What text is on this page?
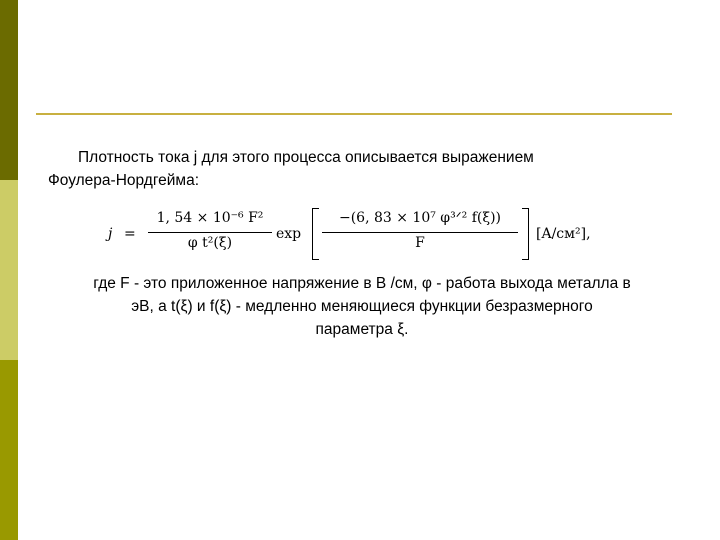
Плотность тока j для этого процесса описывается выражением
Фоулера-Нордгейма:
j =
1, 54 × 10⁻⁶ F²
φ t²(ξ)
exp
−(6, 83 × 10⁷ φ³ᐟ² f(ξ))
F
[A/см²],
где F - это приложенное напряжение в В /см, φ - работа выхода металла в
эВ, а t(ξ) и f(ξ) - медленно меняющиеся функции безразмерного
параметра ξ.
